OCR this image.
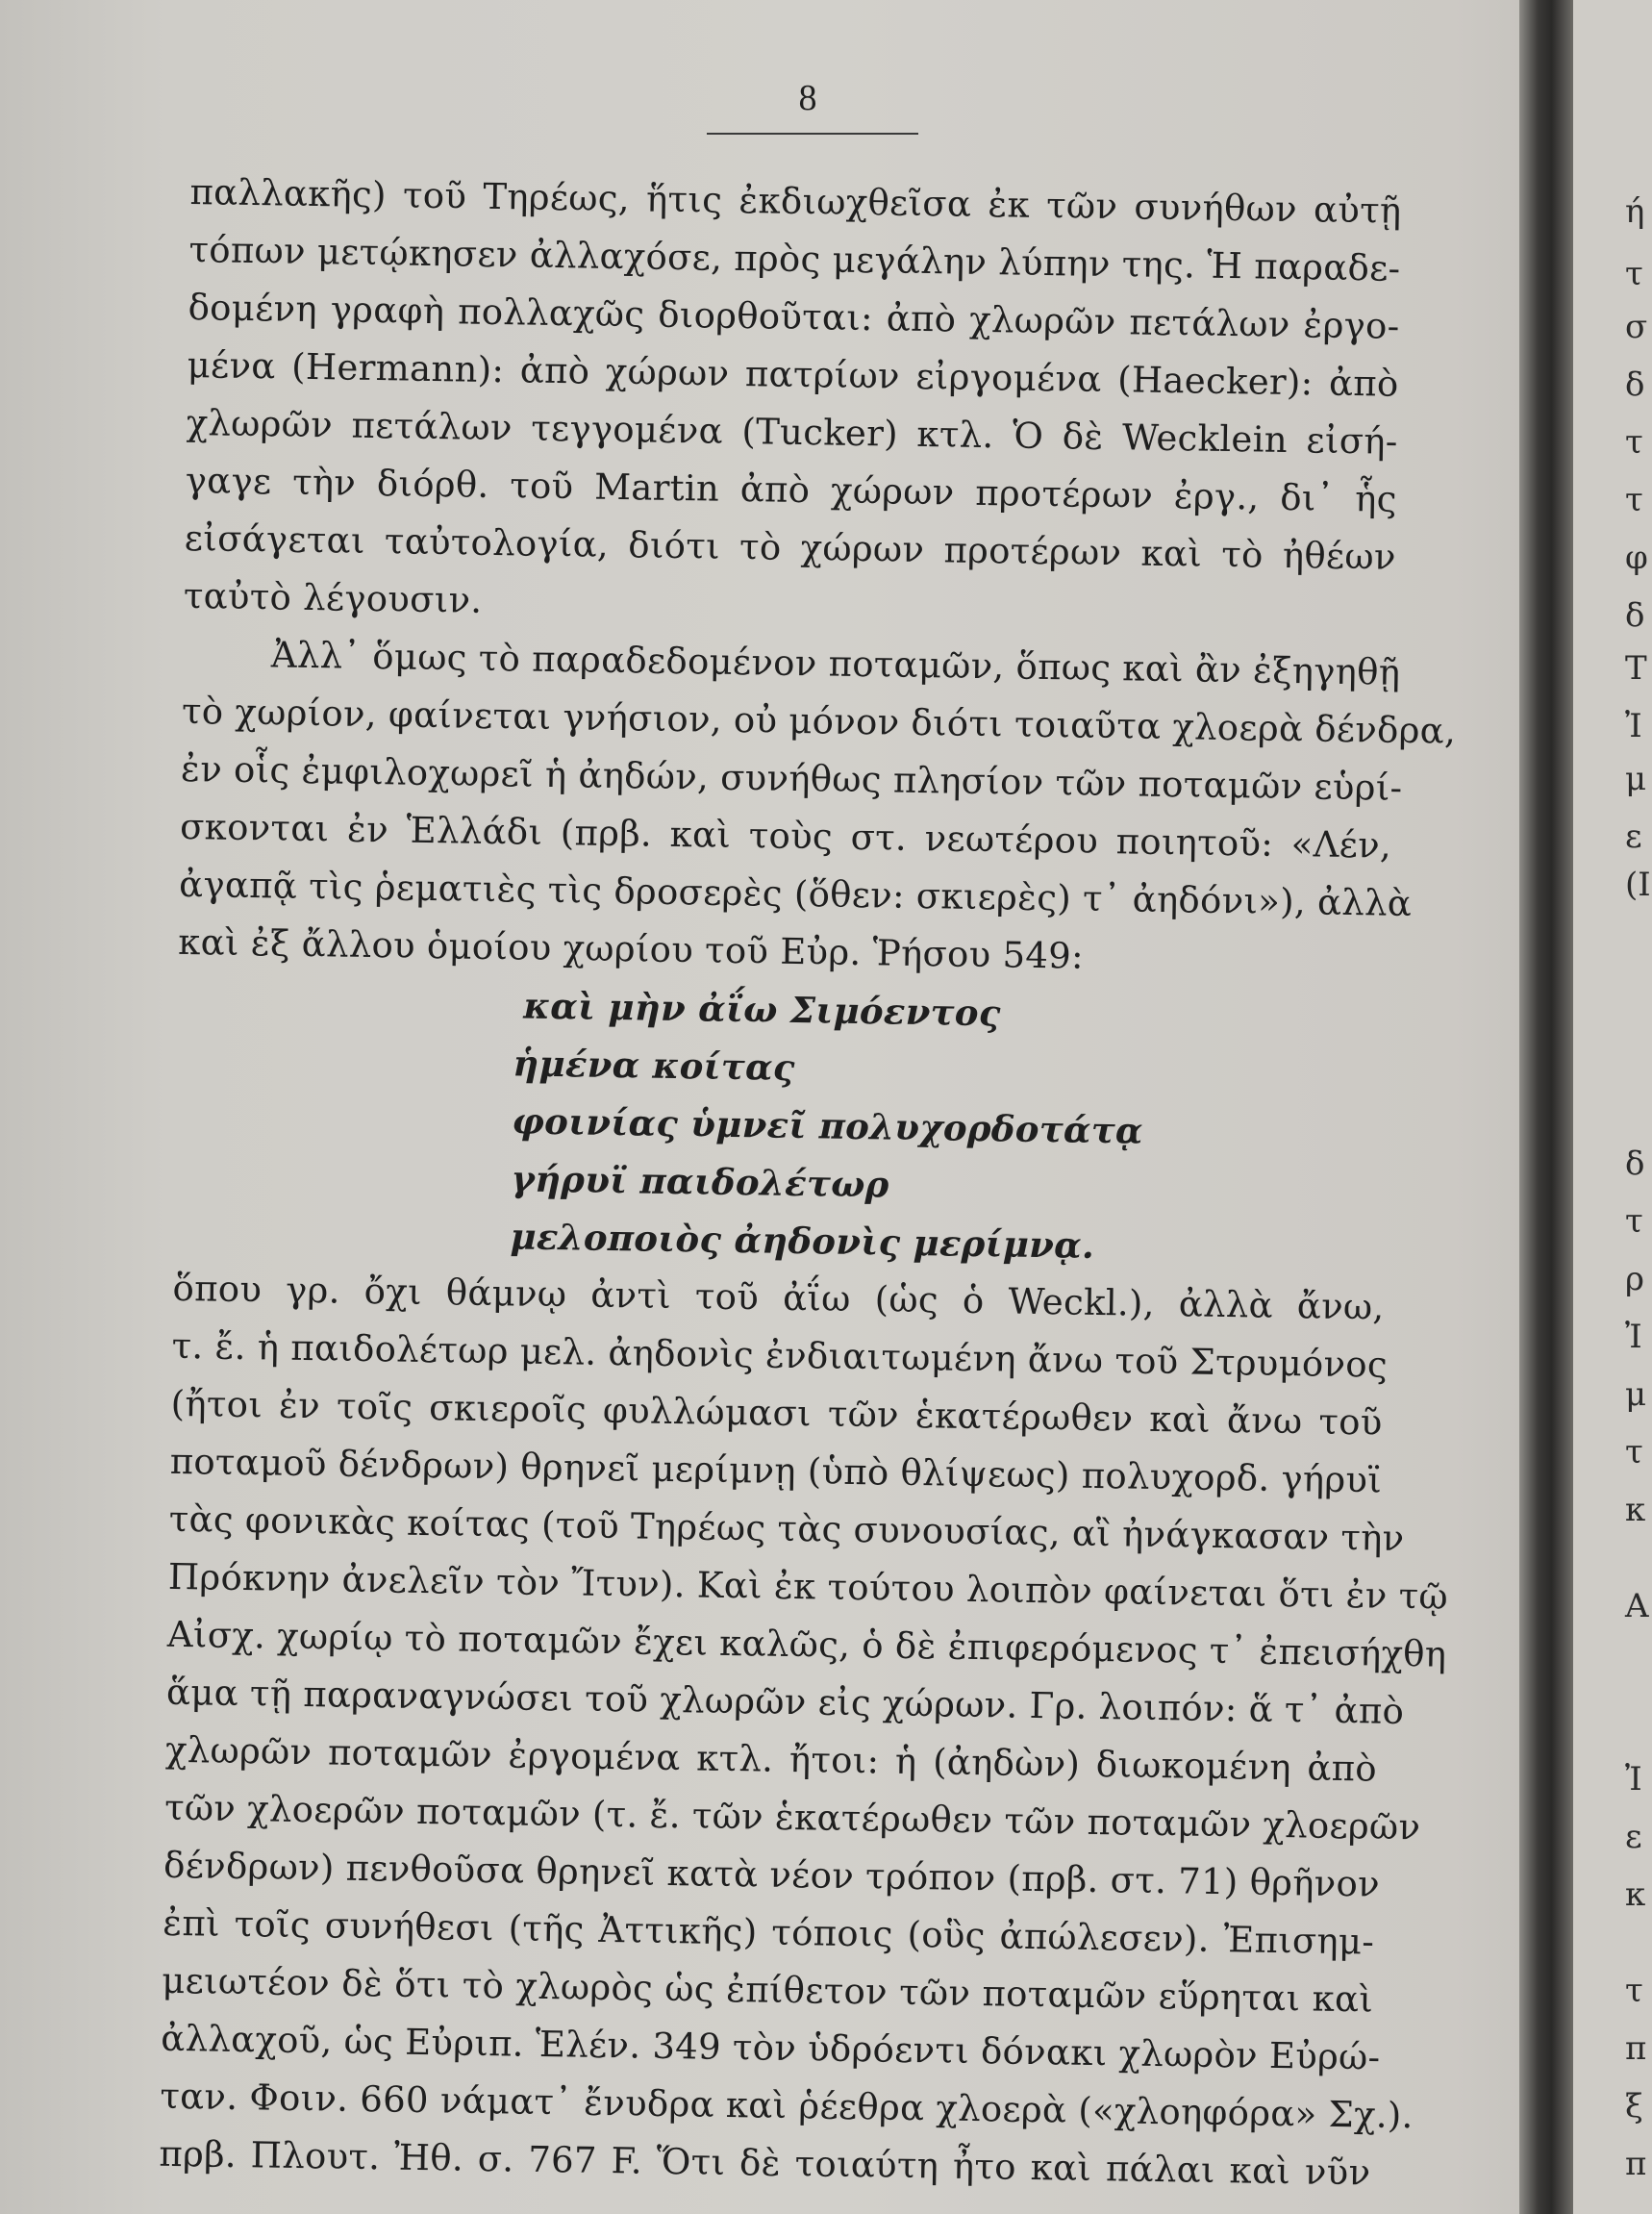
8
παλλακῆς) τοῦ Τηρέως, ἥτις ἐκδιωχθεῖσα ἐκ τῶν συνήθων αὐτῇ
τόπων μετῴκησεν ἀλλαχόσε, πρὸς μεγάλην λύπην της. Ἡ παραδε-
δομένη γραφὴ πολλαχῶς διορθοῦται: ἀπὸ χλωρῶν πετάλων ἐργο-
μένα (Hermann): ἀπὸ χώρων πατρίων εἰργομένα (Haecker): ἀπὸ
χλωρῶν πετάλων τεγγομένα (Tucker) κτλ. Ὁ δὲ Wecklein εἰσή-
γαγε τὴν διόρθ. τοῦ Martin ἀπὸ χώρων προτέρων ἐργ., δι᾽ ἧς
εἰσάγεται ταὐτολογία, διότι τὸ χώρων προτέρων καὶ τὸ ἠθέων
ταὐτὸ λέγουσιν.
Ἀλλ᾽ ὅμως τὸ παραδεδομένον ποταμῶν, ὅπως καὶ ἂν ἐξηγηθῇ
τὸ χωρίον, φαίνεται γνήσιον, οὐ μόνον διότι τοιαῦτα χλοερὰ δένδρα,
ἐν οἷς ἐμφιλοχωρεῖ ἡ ἀηδών, συνήθως πλησίον τῶν ποταμῶν εὑρί-
σκονται ἐν Ἑλλάδι (πρβ. καὶ τοὺς στ. νεωτέρου ποιητοῦ: «Λέν,
ἀγαπᾷ τὶς ῥεματιὲς τὶς δροσερὲς (ὅθεν: σκιερὲς) τ᾽ ἀηδόνι»), ἀλλὰ
καὶ ἐξ ἄλλου ὁμοίου χωρίου τοῦ Εὐρ. Ῥήσου 549:
καὶ μὴν ἀΐω Σιμόεντος
ἡμένα κοίτας
φοινίας ὑμνεῖ πολυχορδοτάτᾳ
γήρυϊ παιδολέτωρ
μελοποιὸς ἀηδονὶς μερίμνᾳ.
ὅπου γρ. ὄχι θάμνῳ ἀντὶ τοῦ ἀΐω (ὡς ὁ Weckl.), ἀλλὰ ἄνω,
τ. ἔ. ἡ παιδολέτωρ μελ. ἀηδονὶς ἐνδιαιτωμένη ἄνω τοῦ Στρυμόνος
(ἤτοι ἐν τοῖς σκιεροῖς φυλλώμασι τῶν ἑκατέρωθεν καὶ ἄνω τοῦ
ποταμοῦ δένδρων) θρηνεῖ μερίμνῃ (ὑπὸ θλίψεως) πολυχορδ. γήρυϊ
τὰς φονικὰς κοίτας (τοῦ Τηρέως τὰς συνουσίας, αἳ ἠνάγκασαν τὴν
Πρόκνην ἀνελεῖν τὸν Ἴτυν). Καὶ ἐκ τούτου λοιπὸν φαίνεται ὅτι ἐν τῷ
Αἰσχ. χωρίῳ τὸ ποταμῶν ἔχει καλῶς, ὁ δὲ ἐπιφερόμενος τ᾽ ἐπεισήχθη
ἅμα τῇ παραναγνώσει τοῦ χλωρῶν εἰς χώρων. Γρ. λοιπόν: ἅ τ᾽ ἀπὸ
χλωρῶν ποταμῶν ἐργομένα κτλ. ἤτοι: ἡ (ἀηδὼν) διωκομένη ἀπὸ
τῶν χλοερῶν ποταμῶν (τ. ἔ. τῶν ἑκατέρωθεν τῶν ποταμῶν χλοερῶν
δένδρων) πενθοῦσα θρηνεῖ κατὰ νέον τρόπον (πρβ. στ. 71) θρῆνον
ἐπὶ τοῖς συνήθεσι (τῆς Ἀττικῆς) τόποις (οὓς ἀπώλεσεν). Ἐπισημ-
μειωτέον δὲ ὅτι τὸ χλωρὸς ὡς ἐπίθετον τῶν ποταμῶν εὕρηται καὶ
ἀλλαχοῦ, ὡς Εὐριπ. Ἑλέν. 349 τὸν ὑδρόεντι δόνακι χλωρὸν Εὐρώ-
ταν. Φοιν. 660 νάματ᾽ ἔνυδρα καὶ ῥέεθρα χλοερὰ («χλοηφόρα» Σχ.).
πρβ. Πλουτ. Ἠθ. σ. 767 F. Ὅτι δὲ τοιαύτη ἦτο καὶ πάλαι καὶ νῦν
ή
τ
σ
δ
τ
τ
φ
δ
Τ
Ἰ
μ
ε
(Ι
δ
τ
ρ
Ἰ
μ
τ
κ
Α
Ἰ
ε
κ
τ
π
ξ
π
